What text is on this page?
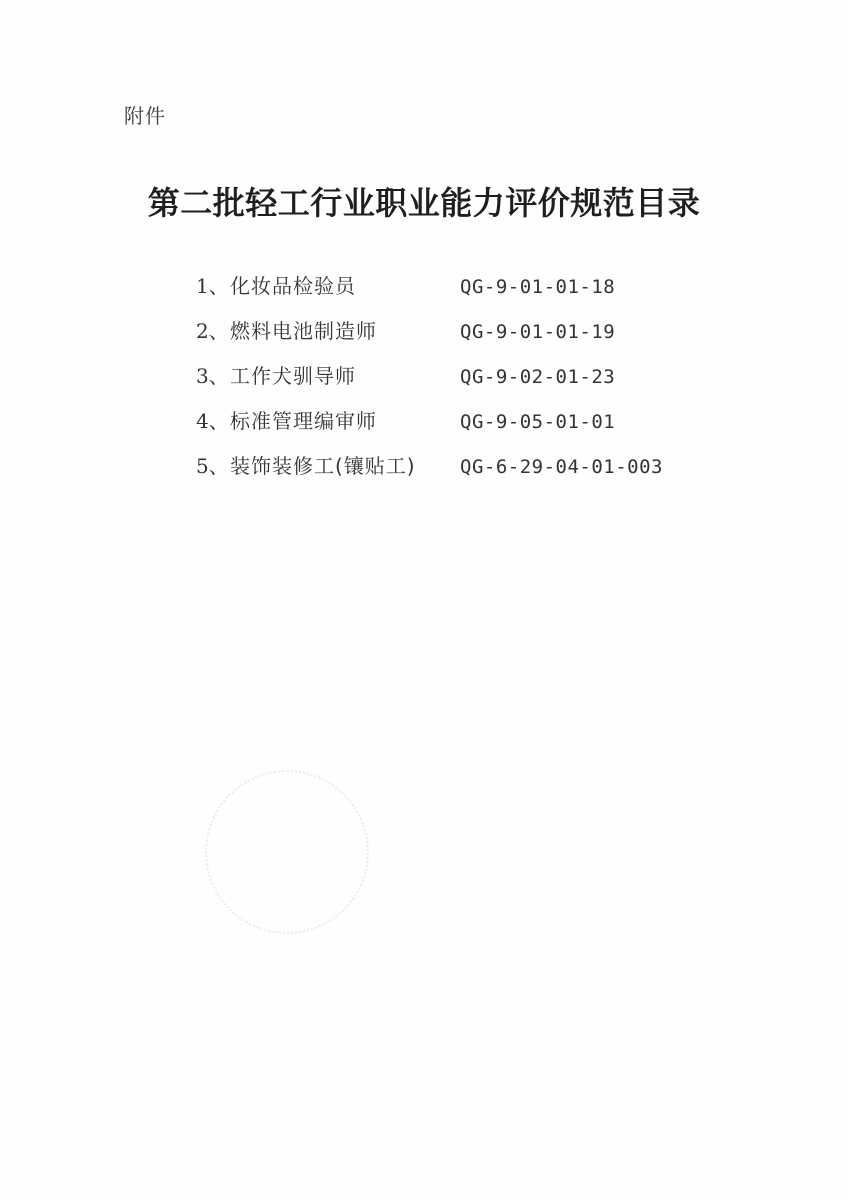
附件
第二批轻工行业职业能力评价规范目录
1、 化妆品检验员	QG-9-01-01-18
2、 燃料电池制造师	QG-9-01-01-19
3、 工作犬驯导师	QG-9-02-01-23
4、 标准管理编审师	QG-9-05-01-01
5、 装饰装修工(镶贴工)	QG-6-29-04-01-003
